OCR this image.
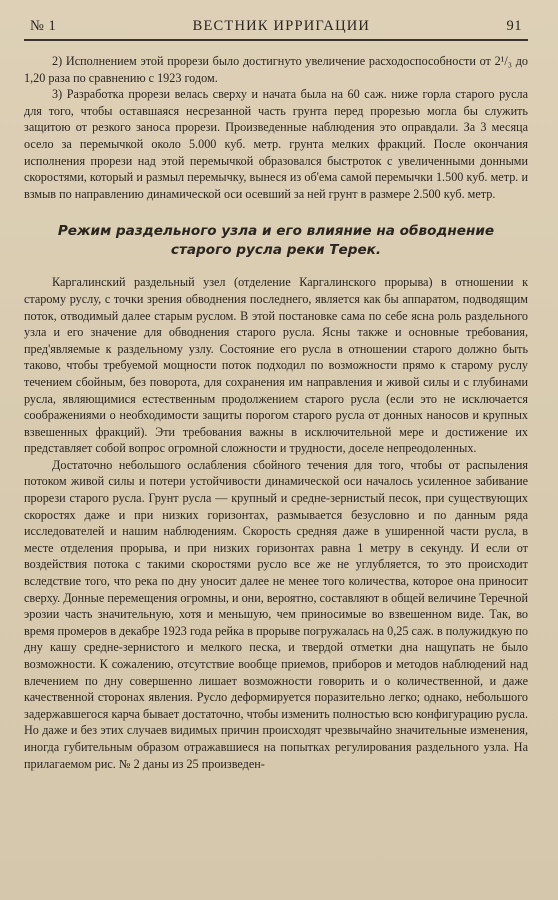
№ 1	ВЕСТНИК ИРРИГАЦИИ	91

2) Исполнением этой прорези было достигнуто увеличение расходоспособности от 2¹/₃ до 1,20 раза по сравнению с 1923 годом.

3) Разработка прорези велась сверху и начата была на 60 саж. ниже горла старого русла для того, чтобы оставшаяся несрезанной часть грунта перед прорезью могла бы служить защитою от резкого заноса прорези. Произведенные наблюдения это оправдали. За 3 месяца осело за перемычкой около 5.000 куб. метр. грунта мелких фракций. После окончания исполнения прорези над этой перемычкой образовался быстроток с увеличенными донными скоростями, который и размыл перемычку, вынеся из об'ема самой перемычки 1.500 куб. метр. и взмыв по направлению динамической оси осевший за ней грунт в размере 2.500 куб. метр.

Режим раздельного узла и его влияние на обводнение старого русла реки Терек.

Каргалинский раздельный узел (отделение Каргалинского прорыва) в отношении к старому руслу, с точки зрения обводнения последнего, является как бы аппаратом, подводящим поток, отводимый далее старым руслом. В этой постановке сама по себе ясна роль раздельного узла и его значение для обводнения старого русла. Ясны также и основные требования, пред'являемые к раздельному узлу. Состояние его русла в отношении старого должно быть таково, чтобы требуемой мощности поток подходил по возможности прямо к старому руслу течением сбойным, без поворота, для сохранения им направления и живой силы и с глубинами русла, являющимися естественным продолжением старого русла (если это не исключается соображениями о необходимости защиты порогом старого русла от донных наносов и крупных взвешенных фракций). Эти требования важны в исключительной мере и достижение их представляет собой вопрос огромной сложности и трудности, доселе непреодоленных.

Достаточно небольшого ослабления сбойного течения для того, чтобы от распыления потоком живой силы и потери устойчивости динамической оси началось усиленное забивание прорези старого русла. Грунт русла — крупный и средне-зернистый песок, при существующих скоростях даже и при низких горизонтах, размывается безусловно и по данным ряда исследователей и нашим наблюдениям. Скорость средняя даже в уширенной части русла, в месте отделения прорыва, и при низких горизонтах равна 1 метру в секунду. И если от воздействия потока с такими скоростями русло все же не углубляется, то это происходит вследствие того, что река по дну уносит далее не менее того количества, которое она приносит сверху. Донные перемещения огромны, и они, вероятно, составляют в общей величине Теречной эрозии часть значительную, хотя и меньшую, чем приносимые во взвешенном виде. Так, во время промеров в декабре 1923 года рейка в прорыве погружалась на 0,25 саж. в полужидкую по дну кашу средне-зернистого и мелкого песка, и твердой отметки дна нащупать не было возможности. К сожалению, отсутствие вообще приемов, приборов и методов наблюдений над влечением по дну совершенно лишает возможности говорить и о количественной, и даже качественной сторонах явления. Русло деформируется поразительно легко; однако, небольшого задержавшегося карча бывает достаточно, чтобы изменить полностью всю конфигурацию русла. Но даже и без этих случаев видимых причин происходят чрезвычайно значительные изменения, иногда губительным образом отражавшиеся на попытках регулирования раздельного узла. На прилагаемом рис. № 2 даны из 25 произведен-
